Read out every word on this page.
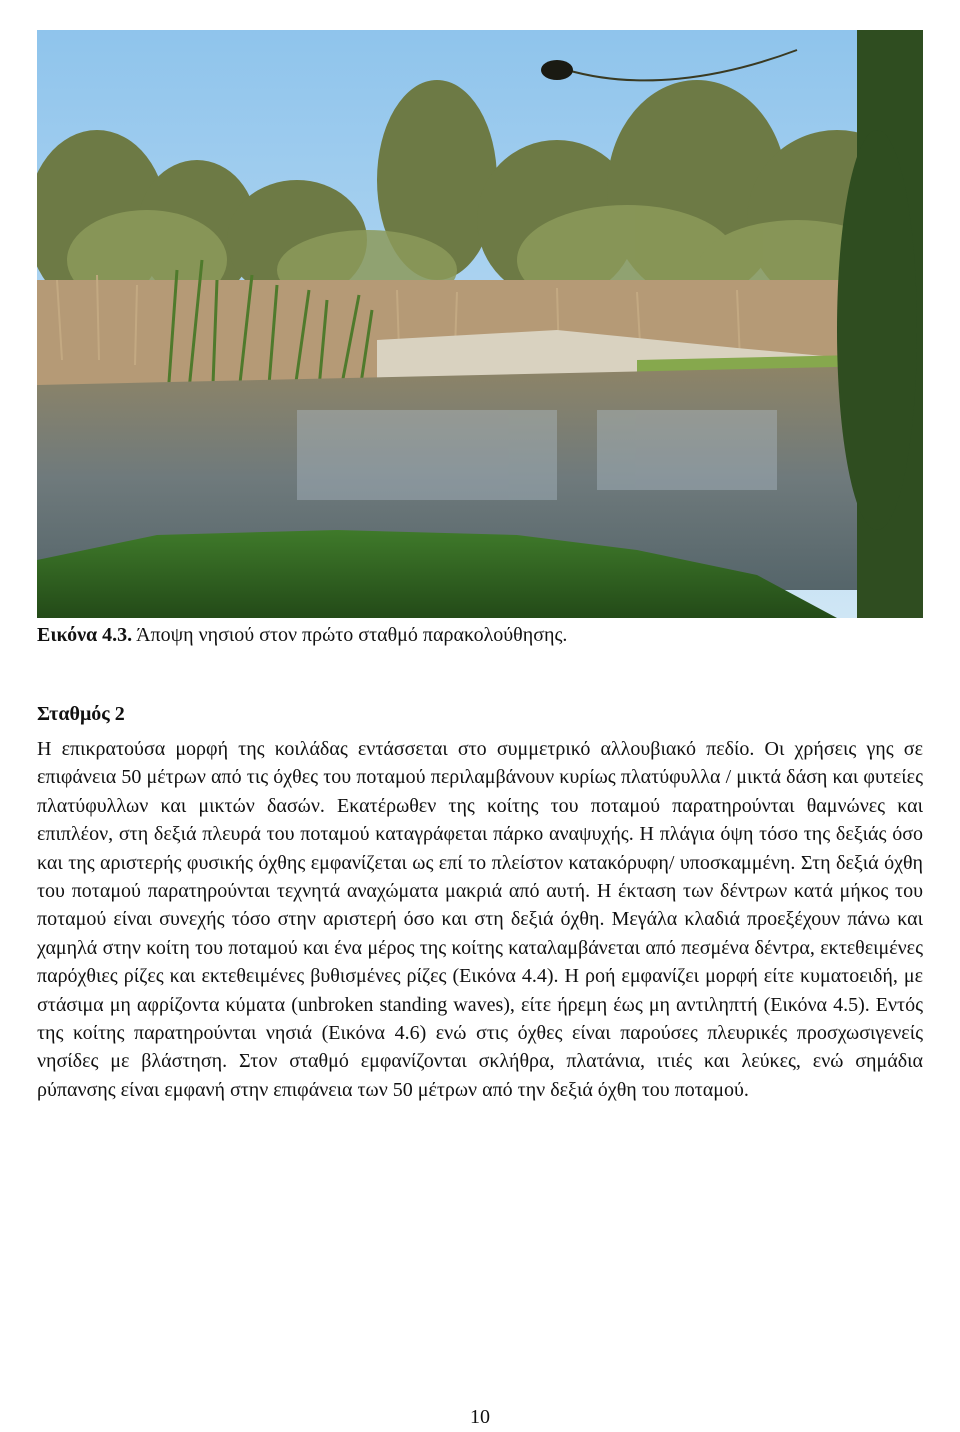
Εικόνα 4.3. Άποψη νησιού στον πρώτο σταθμό παρακολούθησης.
Σταθμός 2

Η επικρατούσα μορφή της κοιλάδας εντάσσεται στο συμμετρικό αλλουβιακό πεδίο. Οι χρήσεις γης σε επιφάνεια 50 μέτρων από τις όχθες του ποταμού περιλαμβάνουν κυρίως πλατύφυλλα / μικτά δάση και φυτείες πλατύφυλλων και μικτών δασών. Εκατέρωθεν της κοίτης του ποταμού παρατηρούνται θαμνώνες και επιπλέον, στη δεξιά πλευρά του ποταμού καταγράφεται πάρκο αναψυχής. Η πλάγια όψη τόσο της δεξιάς όσο και της αριστερής φυσικής όχθης εμφανίζεται ως επί το πλείστον κατακόρυφη/ υποσκαμμένη. Στη δεξιά όχθη του ποταμού παρατηρούνται τεχνητά αναχώματα μακριά από αυτή. Η έκταση των δέντρων κατά μήκος του ποταμού είναι συνεχής τόσο στην αριστερή όσο και στη δεξιά όχθη. Μεγάλα κλαδιά προεξέχουν πάνω και χαμηλά στην κοίτη του ποταμού και ένα μέρος της κοίτης καταλαμβάνεται από πεσμένα δέντρα, εκτεθειμένες παρόχθιες ρίζες και εκτεθειμένες βυθισμένες ρίζες (Εικόνα 4.4). Η ροή εμφανίζει μορφή είτε κυματοειδή, με στάσιμα μη αφρίζοντα κύματα (unbroken standing waves), είτε ήρεμη έως μη αντιληπτή (Εικόνα 4.5). Εντός της κοίτης παρατηρούνται νησιά (Εικόνα 4.6) ενώ στις όχθες είναι παρούσες πλευρικές προσχωσιγενείς νησίδες με βλάστηση. Στον σταθμό εμφανίζονται σκλήθρα, πλατάνια, ιτιές και λεύκες, ενώ σημάδια ρύπανσης είναι εμφανή στην επιφάνεια των 50 μέτρων από την δεξιά όχθη του ποταμού.

10
